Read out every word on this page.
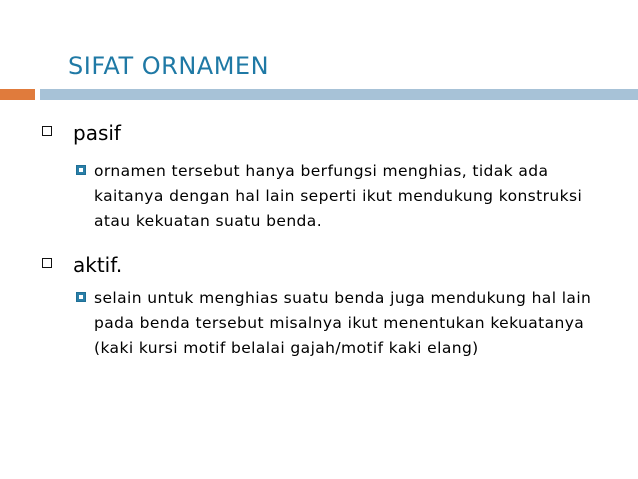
SIFAT ORNAMEN
pasif
ornamen tersebut hanya berfungsi menghias, tidak ada kaitanya dengan hal lain seperti ikut mendukung konstruksi atau kekuatan suatu benda.
aktif.
selain untuk menghias suatu benda juga mendukung hal lain pada benda tersebut misalnya ikut menentukan kekuatanya (kaki kursi motif belalai gajah/motif kaki elang)
